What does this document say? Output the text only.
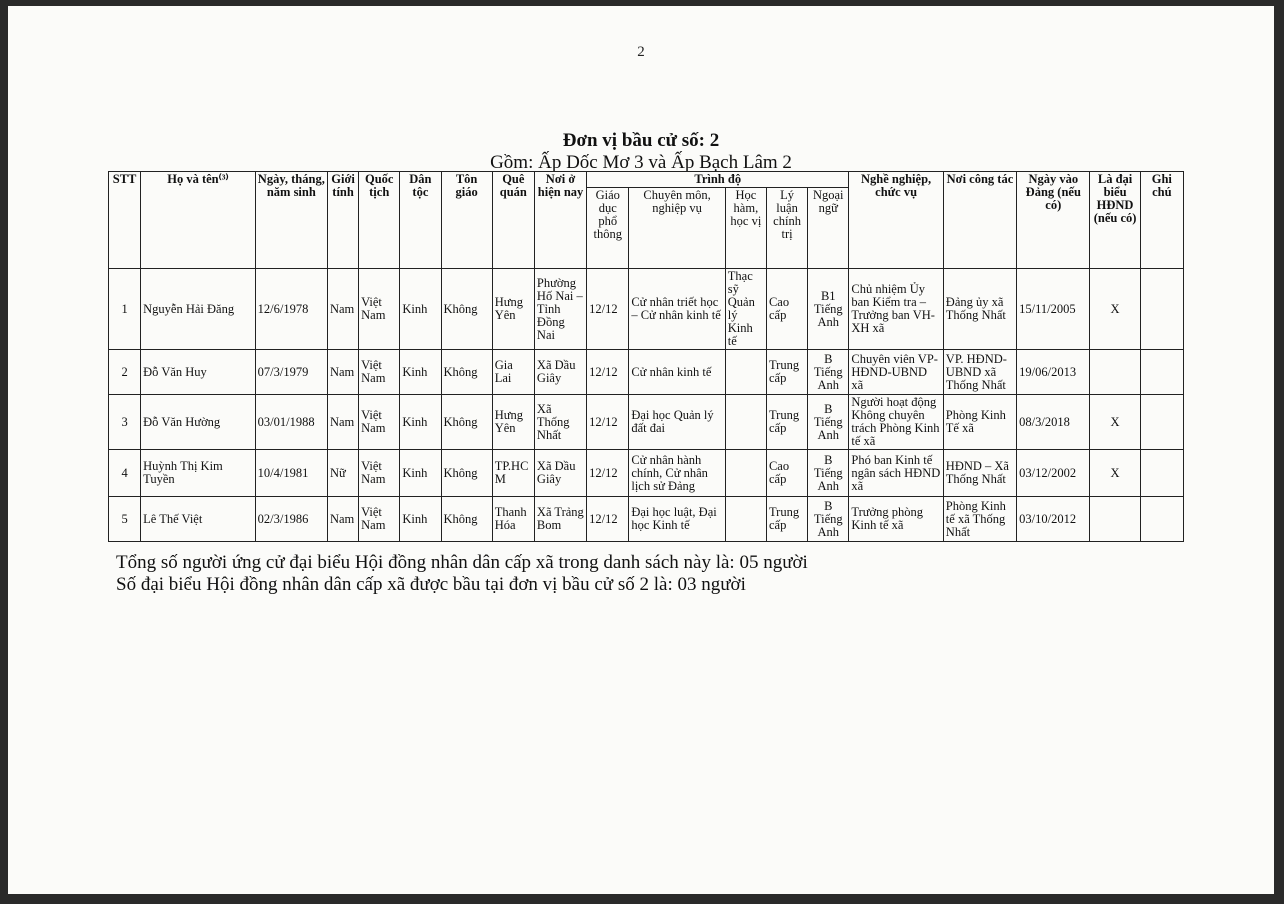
2
Đơn vị bầu cử số: 2
Gồm: Ấp Dốc Mơ 3 và Ấp Bạch Lâm 2
STT	Họ và tên⁽³⁾	Ngày, tháng, năm sinh	Giới tính	Quốc tịch	Dân tộc	Tôn giáo	Quê quán	Nơi ở hiện nay	Trình độ					Nghề nghiệp, chức vụ	Nơi công tác	Ngày vào Đảng (nếu có)	Là đại biểu HĐND (nếu có)	Ghi chú
									Giáo dục phổ thông	Chuyên môn, nghiệp vụ	Học hàm, học vị	Lý luận chính trị	Ngoại ngữ					
1	Nguyễn Hải Đăng	12/6/1978	Nam	Việt Nam	Kinh	Không	Hưng Yên	Phường Hố Nai – Tỉnh Đồng Nai	12/12	Cử nhân triết học – Cử nhân kinh tế	Thạc sỹ Quản lý Kinh tế	Cao cấp	B1 Tiếng Anh	Chủ nhiệm Ủy ban Kiểm tra – Trưởng ban VH-XH xã	Đảng ủy xã Thống Nhất	15/11/2005	X	
2	Đỗ Văn Huy	07/3/1979	Nam	Việt Nam	Kinh	Không	Gia Lai	Xã Dầu Giây	12/12	Cử nhân kinh tế		Trung cấp	B Tiếng Anh	Chuyên viên VP-HĐND-UBND xã	VP. HĐND-UBND xã Thống Nhất	19/06/2013		
3	Đỗ Văn Hường	03/01/1988	Nam	Việt Nam	Kinh	Không	Hưng Yên	Xã Thống Nhất	12/12	Đại học Quản lý đất đai		Trung cấp	B Tiếng Anh	Người hoạt động Không chuyên trách Phòng Kinh tế xã	Phòng Kinh Tế xã	08/3/2018	X	
4	Huỳnh Thị Kim Tuyền	10/4/1981	Nữ	Việt Nam	Kinh	Không	TP.HCM	Xã Dầu Giây	12/12	Cử nhân hành chính, Cử nhân lịch sử Đảng		Cao cấp	B Tiếng Anh	Phó ban Kinh tế ngân sách HĐND xã	HĐND – Xã Thống Nhất	03/12/2002	X	
5	Lê Thế Việt	02/3/1986	Nam	Việt Nam	Kinh	Không	Thanh Hóa	Xã Trảng Bom	12/12	Đại học luật, Đại học Kinh tế		Trung cấp	B Tiếng Anh	Trưởng phòng Kinh tế xã	Phòng Kinh tế xã Thống Nhất	03/10/2012		
Tổng số người ứng cử đại biểu Hội đồng nhân dân cấp xã trong danh sách này là: 05 người
Số đại biểu Hội đồng nhân dân cấp xã được bầu tại đơn vị bầu cử số 2 là: 03 người
